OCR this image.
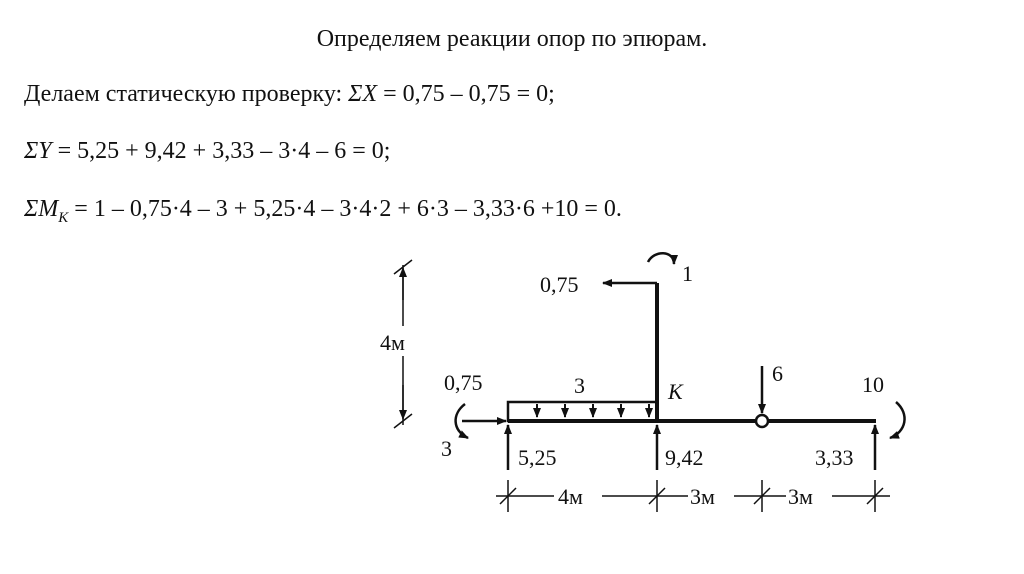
Определяем реакции опор по эпюрам.
Делаем статическую проверку: ΣX = 0,75 – 0,75 = 0;
ΣY = 5,25 + 9,42 + 3,33 – 3·4 – 6 = 0;
$\Sigma M_K = 1 - 0,75\cdot 4 - 3 + 5,25\cdot 4 - 3\cdot 4\cdot 2 + 6\cdot 3 - 3,33\cdot 6 +10 = 0$.
0,75	1
4м
0,75
3
3	K
6	10
5,25	9,42	3,33
4м	3м	3м
